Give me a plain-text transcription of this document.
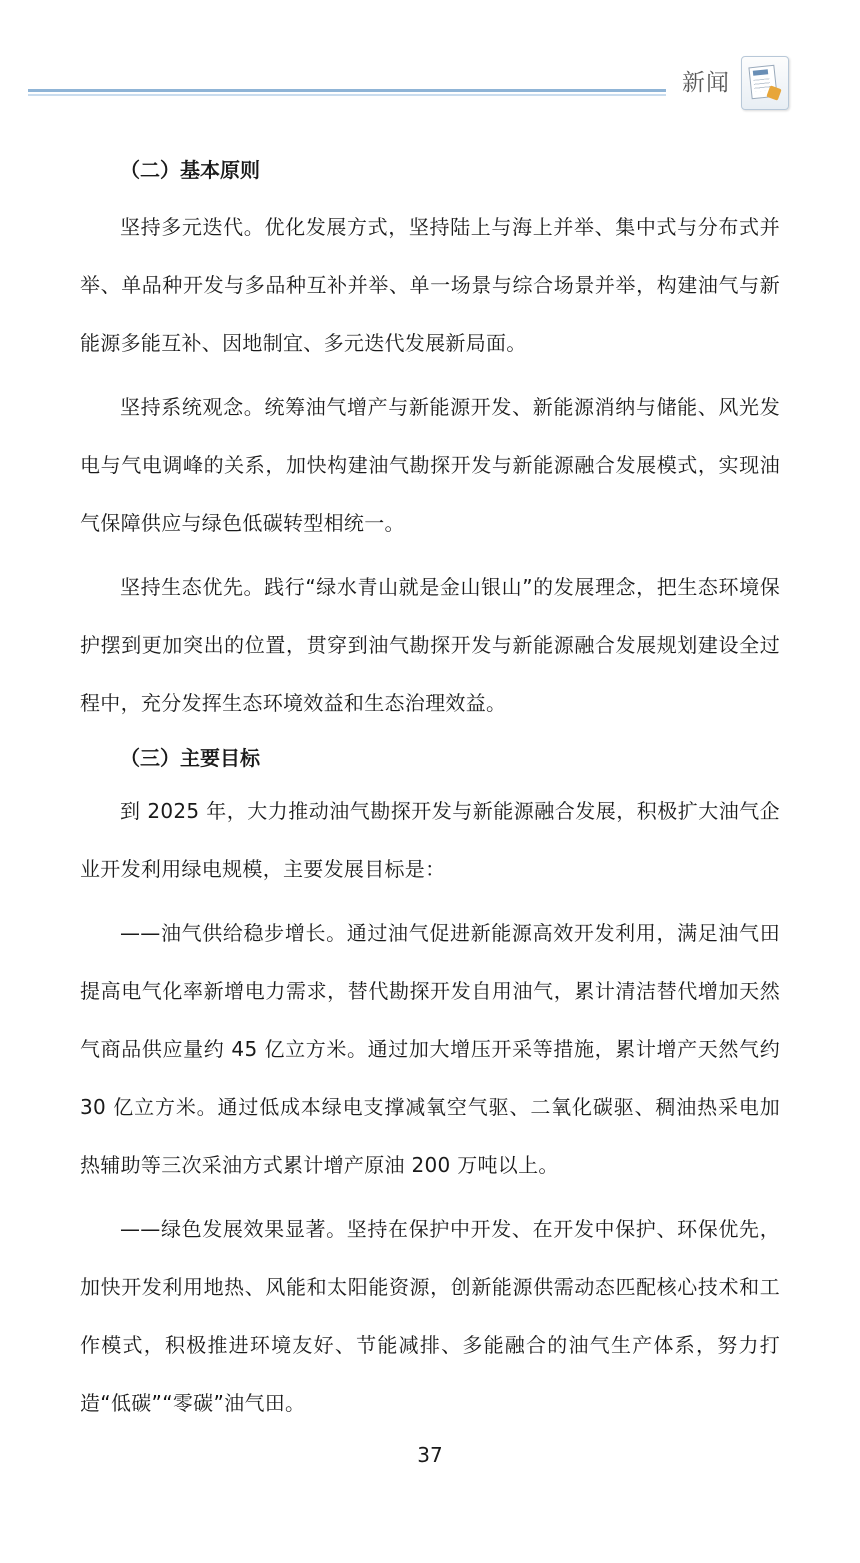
新闻
（二）基本原则

坚持多元迭代。优化发展方式，坚持陆上与海上并举、集中式与分布式并举、单品种开发与多品种互补并举、单一场景与综合场景并举，构建油气与新能源多能互补、因地制宜、多元迭代发展新局面。

坚持系统观念。统筹油气增产与新能源开发、新能源消纳与储能、风光发电与气电调峰的关系，加快构建油气勘探开发与新能源融合发展模式，实现油气保障供应与绿色低碳转型相统一。

坚持生态优先。践行“绿水青山就是金山银山”的发展理念，把生态环境保护摆到更加突出的位置，贯穿到油气勘探开发与新能源融合发展规划建设全过程中，充分发挥生态环境效益和生态治理效益。

（三）主要目标

到 2025 年，大力推动油气勘探开发与新能源融合发展，积极扩大油气企业开发利用绿电规模，主要发展目标是：

——油气供给稳步增长。通过油气促进新能源高效开发利用，满足油气田提高电气化率新增电力需求，替代勘探开发自用油气，累计清洁替代增加天然气商品供应量约 45 亿立方米。通过加大增压开采等措施，累计增产天然气约 30 亿立方米。通过低成本绿电支撑减氧空气驱、二氧化碳驱、稠油热采电加热辅助等三次采油方式累计增产原油 200 万吨以上。

——绿色发展效果显著。坚持在保护中开发、在开发中保护、环保优先，加快开发利用地热、风能和太阳能资源，创新能源供需动态匹配核心技术和工作模式，积极推进环境友好、节能减排、多能融合的油气生产体系，努力打造“低碳”“零碳”油气田。

37
